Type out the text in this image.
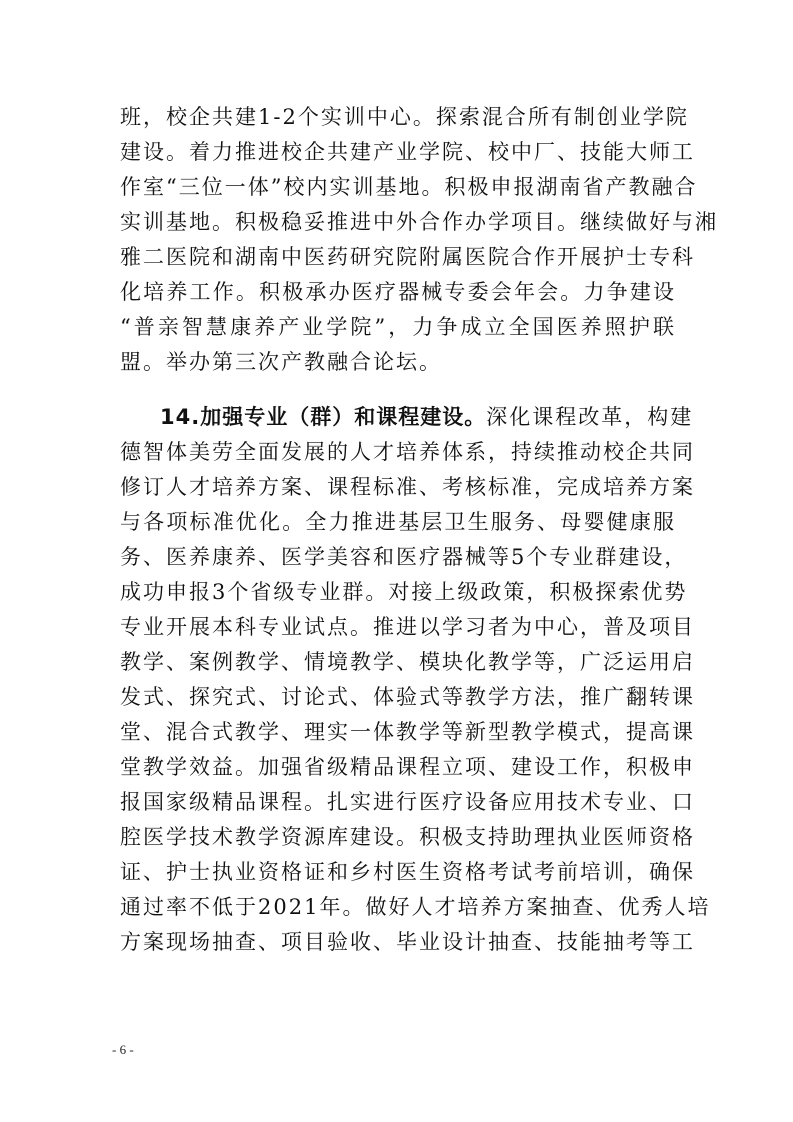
班，校企共建1-2个实训中心。探索混合所有制创业学院
建设。着力推进校企共建产业学院、校中厂、技能大师工
作室“三位一体”校内实训基地。积极申报湖南省产教融合
实训基地。积极稳妥推进中外合作办学项目。继续做好与湘
雅二医院和湖南中医药研究院附属医院合作开展护士专科
化培养工作。积极承办医疗器械专委会年会。力争建设
“普亲智慧康养产业学院”，力争成立全国医养照护联
盟。举办第三次产教融合论坛。
14.加强专业（群）和课程建设。深化课程改革，构建
德智体美劳全面发展的人才培养体系，持续推动校企共同
修订人才培养方案、课程标准、考核标准，完成培养方案
与各项标准优化。全力推进基层卫生服务、母婴健康服
务、医养康养、医学美容和医疗器械等5个专业群建设，
成功申报3个省级专业群。对接上级政策，积极探索优势
专业开展本科专业试点。推进以学习者为中心，普及项目
教学、案例教学、情境教学、模块化教学等，广泛运用启
发式、探究式、讨论式、体验式等教学方法，推广翻转课
堂、混合式教学、理实一体教学等新型教学模式，提高课
堂教学效益。加强省级精品课程立项、建设工作，积极申
报国家级精品课程。扎实进行医疗设备应用技术专业、口
腔医学技术教学资源库建设。积极支持助理执业医师资格
- 6 -
证、护士执业资格证和乡村医生资格考试考前培训，确保
通过率不低于2021年。做好人才培养方案抽查、优秀人培
方案现场抽查、项目验收、毕业设计抽查、技能抽考等工
